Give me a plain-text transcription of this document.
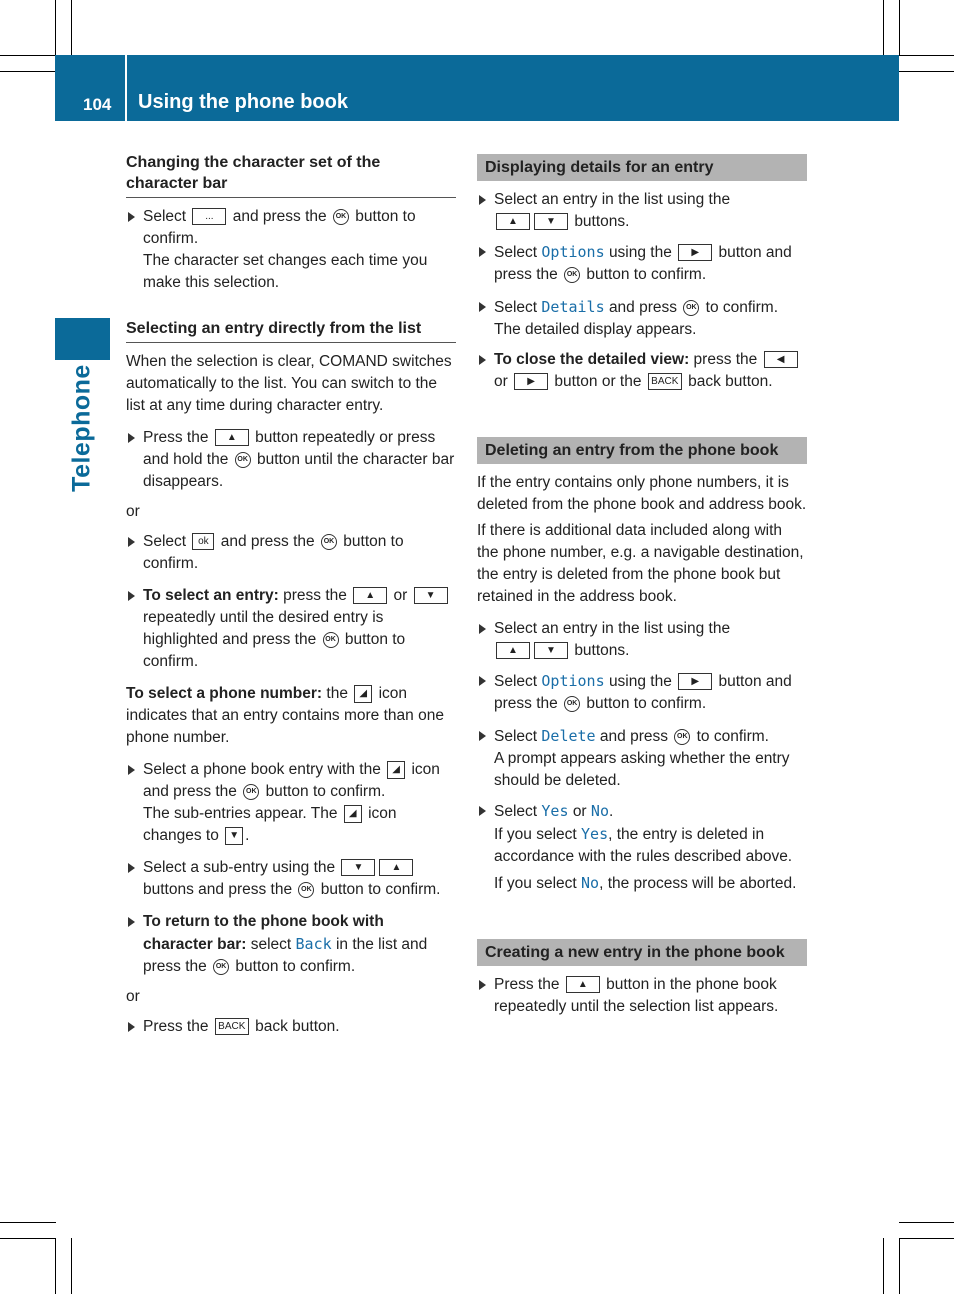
104 Using the phone book
Telephone
Changing the character set of the character bar
Select ... and press the OK button to confirm.
The character set changes each time you make this selection.
Selecting an entry directly from the list

When the selection is clear, COMAND switches automatically to the list. You can switch to the list at any time during character entry.

Press the ▲ button repeatedly or press and hold the OK button until the character bar disappears.
or
Select ok and press the OK button to confirm.
To select an entry: press the ▲ or ▼ repeatedly until the desired entry is highlighted and press the OK button to confirm.

To select a phone number: the ◢ icon indicates that an entry contains more than one phone number.

Select a phone book entry with the ◢ icon and press the OK button to confirm.
The sub-entries appear. The ◢ icon changes to ▼ .
Select a sub-entry using the ▼	▲ buttons and press the OK button to confirm.
To return to the phone book with character bar: select Back in the list and press the OK button to confirm.
or
Press the BACK back button.
Displaying details for an entry
Select an entry in the list using the
▲	▼ buttons.
Select Options using the ▶ button and press the OK button to confirm.
Select Details and press OK to confirm.
The detailed display appears.
To close the detailed view: press the ◀ or ▶ button or the BACK back button.
Deleting an entry from the phone book

If the entry contains only phone numbers, it is deleted from the phone book and address book.

If there is additional data included along with the phone number, e.g. a navigable destination, the entry is deleted from the phone book but retained in the address book.

Select an entry in the list using the
▲	▼ buttons.
Select Options using the ▶ button and press the OK button to confirm.
Select Delete and press OK to confirm.
A prompt appears asking whether the entry should be deleted.
Select Yes or No.
If you select Yes, the entry is deleted in accordance with the rules described above.
If you select No, the process will be aborted.
Creating a new entry in the phone book
Press the ▲ button in the phone book repeatedly until the selection list appears.
